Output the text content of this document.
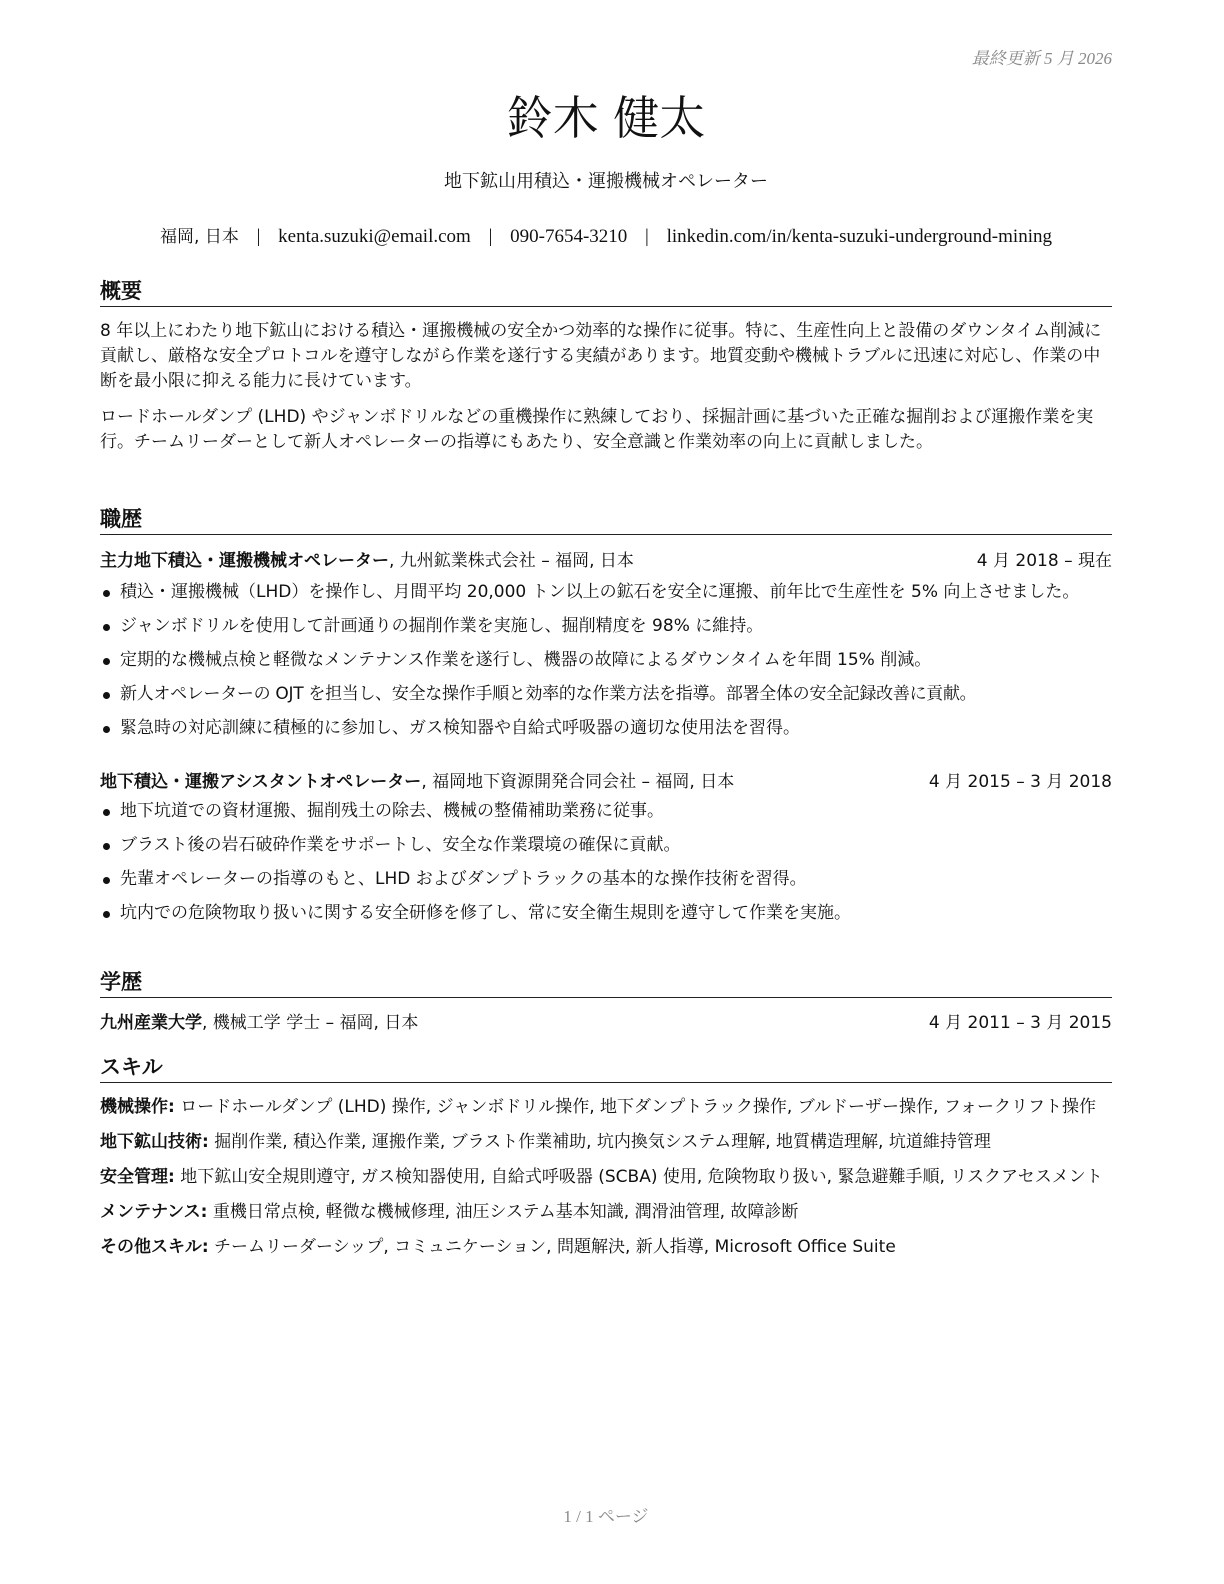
最終更新 5 月 2026
鈴木 健太
地下鉱山用積込・運搬機械オペレーター
福岡, 日本 | kenta.suzuki@email.com | 090-7654-3210 | linkedin.com/in/kenta-suzuki-underground-mining
概要

8 年以上にわたり地下鉱山における積込・運搬機械の安全かつ効率的な操作に従事。特に、生産性向上と設備のダウンタイム削減に貢献し、厳格な安全プロトコルを遵守しながら作業を遂行する実績があります。地質変動や機械トラブルに迅速に対応し、作業の中断を最小限に抑える能力に長けています。

ロードホールダンプ (LHD) やジャンボドリルなどの重機操作に熟練しており、採掘計画に基づいた正確な掘削および運搬作業を実行。チームリーダーとして新人オペレーターの指導にもあたり、安全意識と作業効率の向上に貢献しました。

職歴
主力地下積込・運搬機械オペレーター, 九州鉱業株式会社 – 福岡, 日本	4 月 2018 – 現在
積込・運搬機械（LHD）を操作し、月間平均 20,000 トン以上の鉱石を安全に運搬、前年比で生産性を 5% 向上させました。
ジャンボドリルを使用して計画通りの掘削作業を実施し、掘削精度を 98% に維持。
定期的な機械点検と軽微なメンテナンス作業を遂行し、機器の故障によるダウンタイムを年間 15% 削減。
新人オペレーターの OJT を担当し、安全な操作手順と効率的な作業方法を指導。部署全体の安全記録改善に貢献。
緊急時の対応訓練に積極的に参加し、ガス検知器や自給式呼吸器の適切な使用法を習得。
地下積込・運搬アシスタントオペレーター, 福岡地下資源開発合同会社 – 福岡, 日本	4 月 2015 – 3 月 2018
地下坑道での資材運搬、掘削残土の除去、機械の整備補助業務に従事。
ブラスト後の岩石破砕作業をサポートし、安全な作業環境の確保に貢献。
先輩オペレーターの指導のもと、LHD およびダンプトラックの基本的な操作技術を習得。
坑内での危険物取り扱いに関する安全研修を修了し、常に安全衛生規則を遵守して作業を実施。
学歴
九州産業大学, 機械工学 学士 – 福岡, 日本	4 月 2011 – 3 月 2015
スキル

機械操作: ロードホールダンプ (LHD) 操作, ジャンボドリル操作, 地下ダンプトラック操作, ブルドーザー操作, フォークリフト操作

地下鉱山技術: 掘削作業, 積込作業, 運搬作業, ブラスト作業補助, 坑内換気システム理解, 地質構造理解, 坑道維持管理

安全管理: 地下鉱山安全規則遵守, ガス検知器使用, 自給式呼吸器 (SCBA) 使用, 危険物取り扱い, 緊急避難手順, リスクアセスメント

メンテナンス: 重機日常点検, 軽微な機械修理, 油圧システム基本知識, 潤滑油管理, 故障診断

その他スキル: チームリーダーシップ, コミュニケーション, 問題解決, 新人指導, Microsoft Office Suite

1 / 1 ページ
